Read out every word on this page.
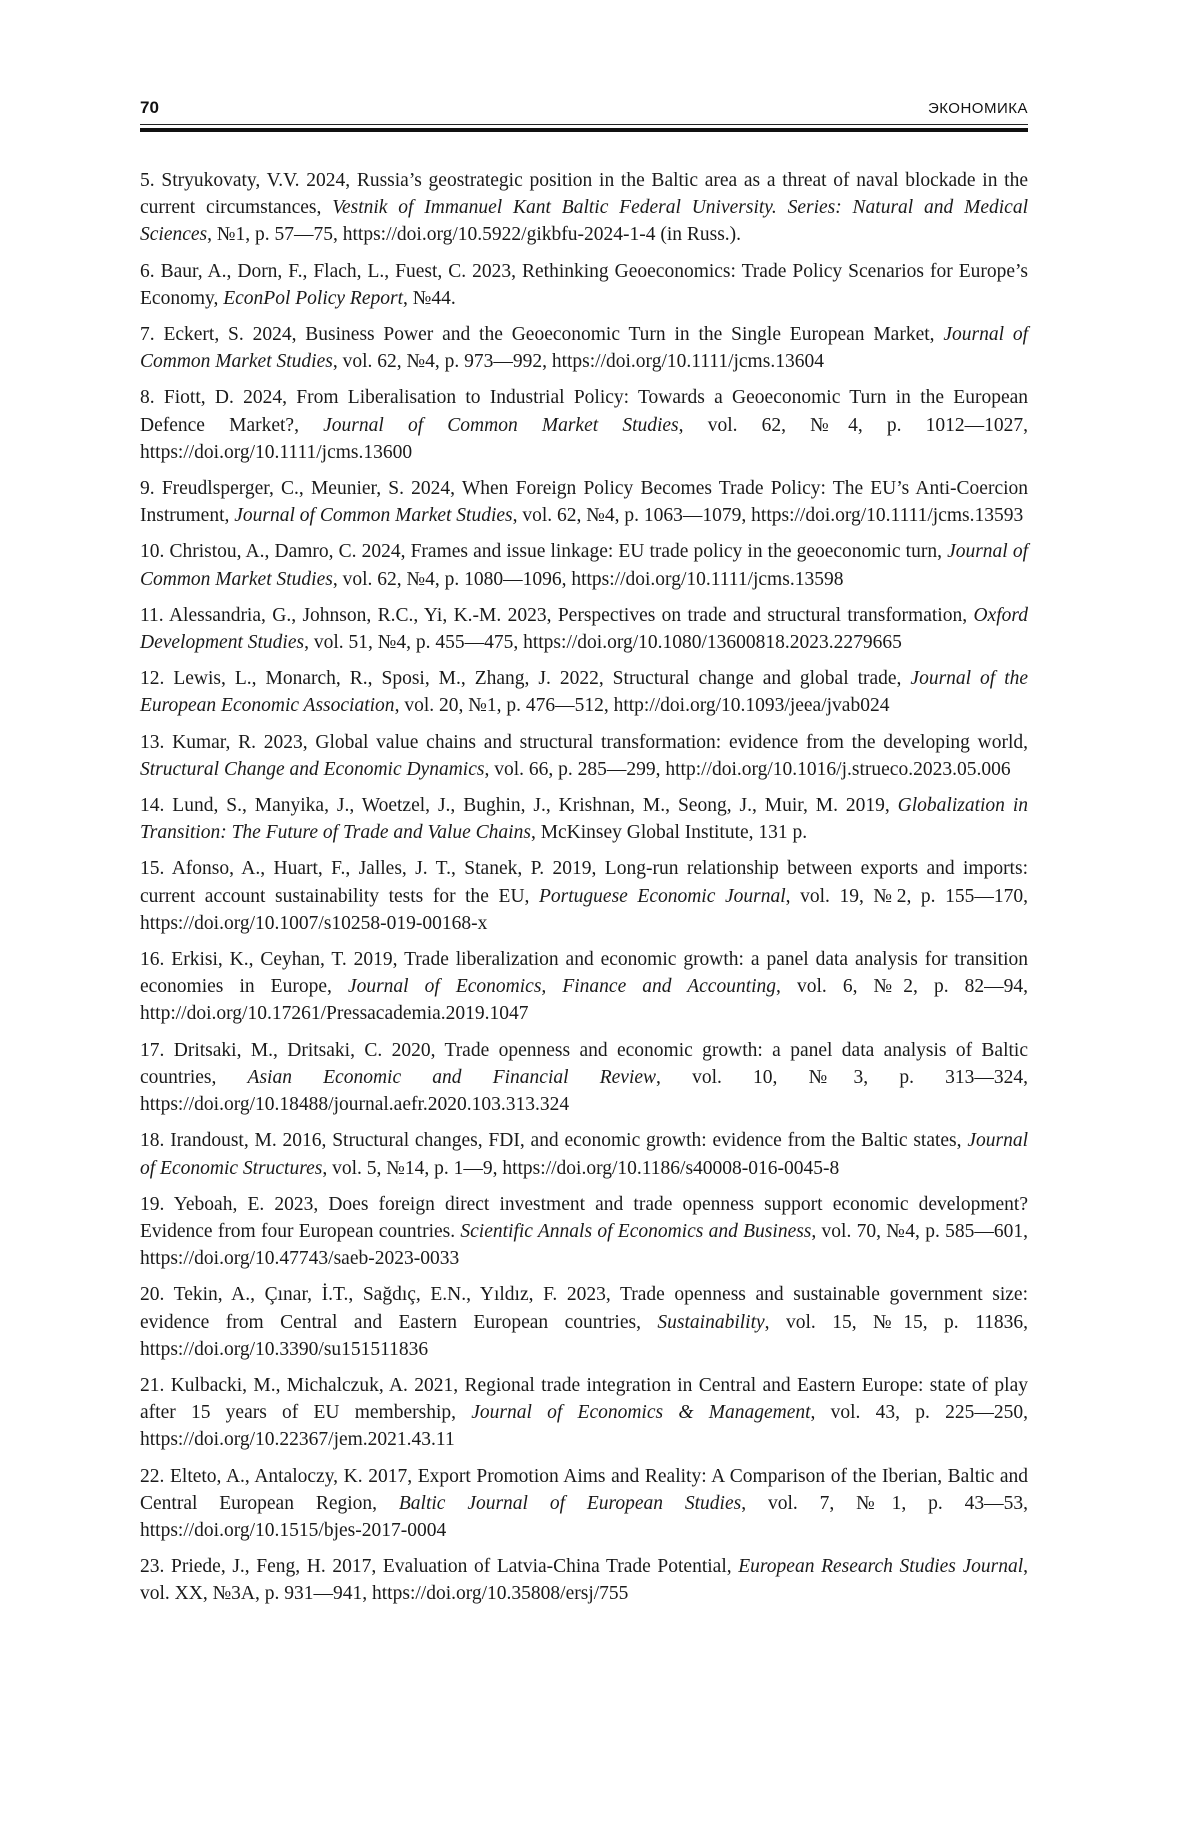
70	ЭКОНОМИКА
5. Stryukovaty, V.V. 2024, Russia’s geostrategic position in the Baltic area as a threat of naval blockade in the current circumstances, Vestnik of Immanuel Kant Baltic Federal University. Series: Natural and Medical Sciences, №1, p. 57—75, https://doi.org/10.5922/gikbfu-2024-1-4 (in Russ.).
6. Baur, A., Dorn, F., Flach, L., Fuest, C. 2023, Rethinking Geoeconomics: Trade Policy Scenarios for Europe’s Economy, EconPol Policy Report, №44.
7. Eckert, S. 2024, Business Power and the Geoeconomic Turn in the Single European Market, Journal of Common Market Studies, vol. 62, №4, p. 973—992, https://doi.org/10.1111/jcms.13604
8. Fiott, D. 2024, From Liberalisation to Industrial Policy: Towards a Geoeconomic Turn in the European Defence Market?, Journal of Common Market Studies, vol. 62, №4, p. 1012—1027, https://doi.org/10.1111/jcms.13600
9. Freudlsperger, C., Meunier, S. 2024, When Foreign Policy Becomes Trade Policy: The EU’s Anti-Coercion Instrument, Journal of Common Market Studies, vol. 62, №4, p. 1063—1079, https://doi.org/10.1111/jcms.13593
10. Christou, A., Damro, C. 2024, Frames and issue linkage: EU trade policy in the geoeconomic turn, Journal of Common Market Studies, vol. 62, №4, p. 1080—1096, https://doi.org/10.1111/jcms.13598
11. Alessandria, G., Johnson, R.C., Yi, K.-M. 2023, Perspectives on trade and structural transformation, Oxford Development Studies, vol. 51, №4, p. 455—475, https://doi.org/10.1080/13600818.2023.2279665
12. Lewis, L., Monarch, R., Sposi, M., Zhang, J. 2022, Structural change and global trade, Journal of the European Economic Association, vol. 20, №1, p. 476—512, http://doi.org/10.1093/jeea/jvab024
13. Kumar, R. 2023, Global value chains and structural transformation: evidence from the developing world, Structural Change and Economic Dynamics, vol. 66, p. 285—299, http://doi.org/10.1016/j.strueco.2023.05.006
14. Lund, S., Manyika, J., Woetzel, J., Bughin, J., Krishnan, M., Seong, J., Muir, M. 2019, Globalization in Transition: The Future of Trade and Value Chains, McKinsey Global Institute, 131 p.
15. Afonso, A., Huart, F., Jalles, J. T., Stanek, P. 2019, Long-run relationship between exports and imports: current account sustainability tests for the EU, Portuguese Economic Journal, vol. 19, №2, p. 155—170, https://doi.org/10.1007/s10258-019-00168-x
16. Erkisi, K., Ceyhan, T. 2019, Trade liberalization and economic growth: a panel data analysis for transition economies in Europe, Journal of Economics, Finance and Accounting, vol. 6, №2, p. 82—94, http://doi.org/10.17261/Pressacademia.2019.1047
17. Dritsaki, M., Dritsaki, C. 2020, Trade openness and economic growth: a panel data analysis of Baltic countries, Asian Economic and Financial Review, vol. 10, №3, p. 313—324, https://doi.org/10.18488/journal.aefr.2020.103.313.324
18. Irandoust, M. 2016, Structural changes, FDI, and economic growth: evidence from the Baltic states, Journal of Economic Structures, vol. 5, №14, p. 1—9, https://doi.org/10.1186/s40008-016-0045-8
19. Yeboah, E. 2023, Does foreign direct investment and trade openness support economic development? Evidence from four European countries. Scientific Annals of Economics and Business, vol. 70, №4, p. 585—601, https://doi.org/10.47743/saeb-2023-0033
20. Tekin, A., Çınar, İ.T., Sağdıç, E.N., Yıldız, F. 2023, Trade openness and sustainable government size: evidence from Central and Eastern European countries, Sustainability, vol. 15, №15, p. 11836, https://doi.org/10.3390/su151511836
21. Kulbacki, M., Michalczuk, A. 2021, Regional trade integration in Central and Eastern Europe: state of play after 15 years of EU membership, Journal of Economics & Management, vol. 43, p. 225—250, https://doi.org/10.22367/jem.2021.43.11
22. Elteto, A., Antaloczy, K. 2017, Export Promotion Aims and Reality: A Comparison of the Iberian, Baltic and Central European Region, Baltic Journal of European Studies, vol. 7, №1, p. 43—53, https://doi.org/10.1515/bjes-2017-0004
23. Priede, J., Feng, H. 2017, Evaluation of Latvia-China Trade Potential, European Research Studies Journal, vol. XX, №3A, p. 931—941, https://doi.org/10.35808/ersj/755
